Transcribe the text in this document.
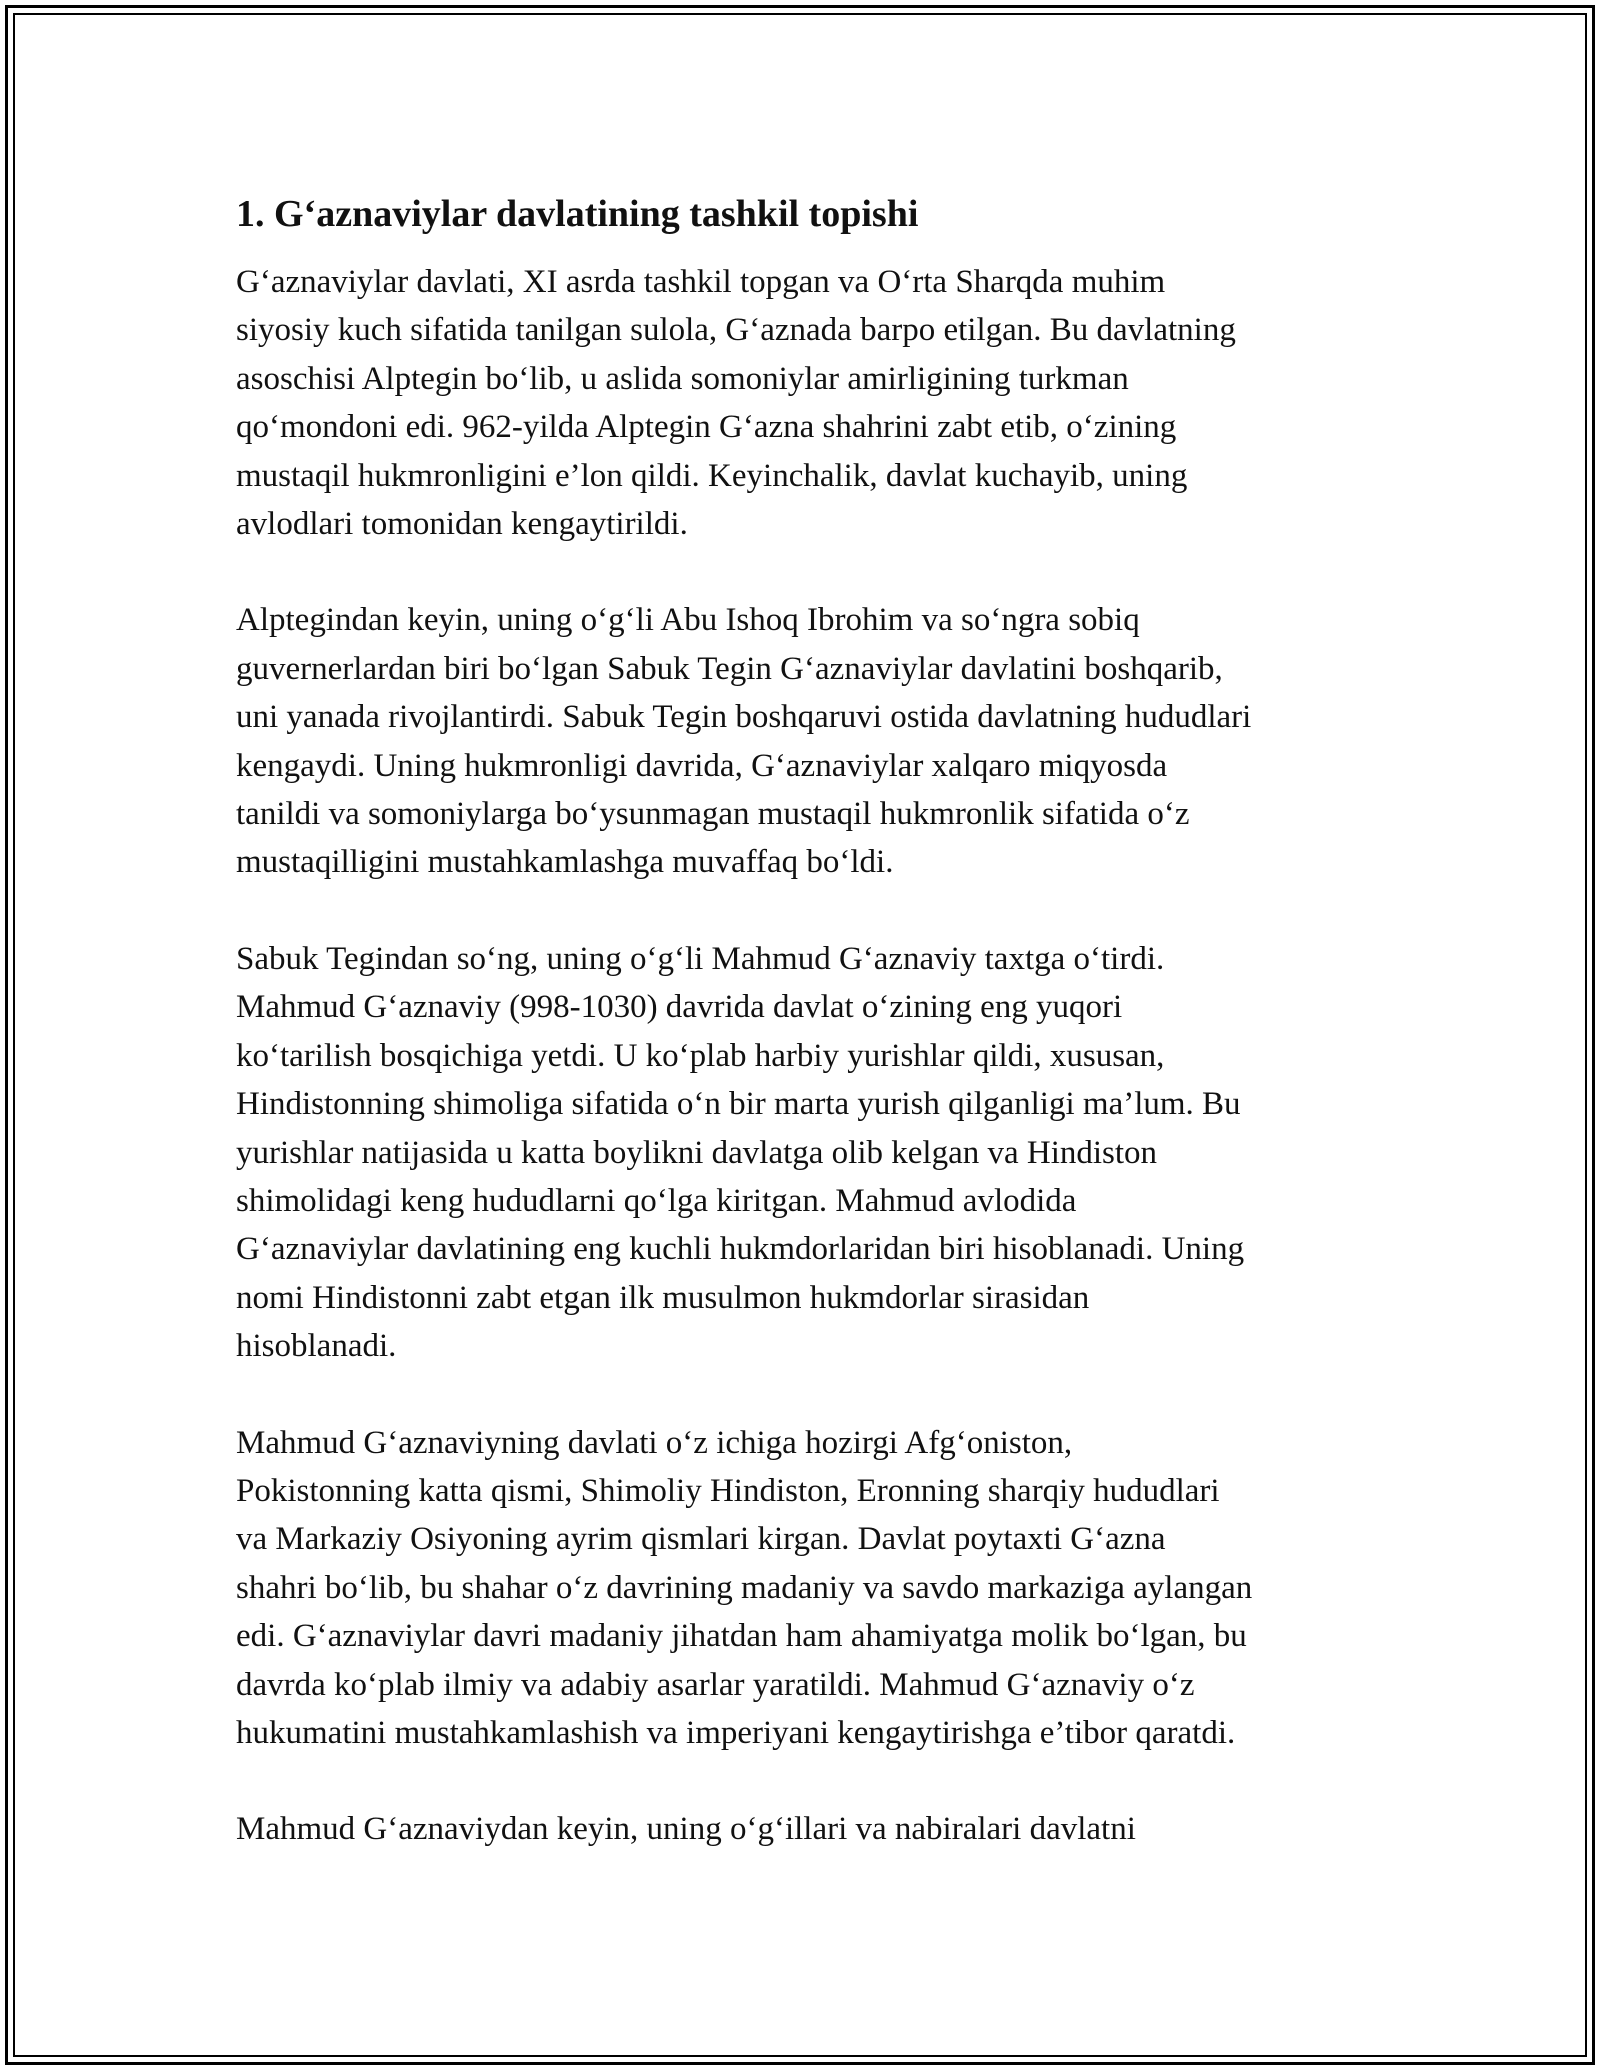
1. G‘aznaviylar davlatining tashkil topishi

G‘aznaviylar davlati, XI asrda tashkil topgan va O‘rta Sharqda muhim
siyosiy kuch sifatida tanilgan sulola, G‘aznada barpo etilgan. Bu davlatning
asoschisi Alptegin bo‘lib, u aslida somoniylar amirligining turkman
qo‘mondoni edi. 962-yilda Alptegin G‘azna shahrini zabt etib, o‘zining
mustaqil hukmronligini e’lon qildi. Keyinchalik, davlat kuchayib, uning
avlodlari tomonidan kengaytirildi.

Alptegindan keyin, uning o‘g‘li Abu Ishoq Ibrohim va so‘ngra sobiq
guvernerlardan biri bo‘lgan Sabuk Tegin G‘aznaviylar davlatini boshqarib,
uni yanada rivojlantirdi. Sabuk Tegin boshqaruvi ostida davlatning hududlari
kengaydi. Uning hukmronligi davrida, G‘aznaviylar xalqaro miqyosda
tanildi va somoniylarga bo‘ysunmagan mustaqil hukmronlik sifatida o‘z
mustaqilligini mustahkamlashga muvaffaq bo‘ldi.

Sabuk Tegindan so‘ng, uning o‘g‘li Mahmud G‘aznaviy taxtga o‘tirdi.
Mahmud G‘aznaviy (998-1030) davrida davlat o‘zining eng yuqori
ko‘tarilish bosqichiga yetdi. U ko‘plab harbiy yurishlar qildi, xususan,
Hindistonning shimoliga sifatida o‘n bir marta yurish qilganligi ma’lum. Bu
yurishlar natijasida u katta boylikni davlatga olib kelgan va Hindiston
shimolidagi keng hududlarni qo‘lga kiritgan. Mahmud avlodida
G‘aznaviylar davlatining eng kuchli hukmdorlaridan biri hisoblanadi. Uning
nomi Hindistonni zabt etgan ilk musulmon hukmdorlar sirasidan
hisoblanadi.

Mahmud G‘aznaviyning davlati o‘z ichiga hozirgi Afg‘oniston,
Pokistonning katta qismi, Shimoliy Hindiston, Eronning sharqiy hududlari
va Markaziy Osiyoning ayrim qismlari kirgan. Davlat poytaxti G‘azna
shahri bo‘lib, bu shahar o‘z davrining madaniy va savdo markaziga aylangan
edi. G‘aznaviylar davri madaniy jihatdan ham ahamiyatga molik bo‘lgan, bu
davrda ko‘plab ilmiy va adabiy asarlar yaratildi. Mahmud G‘aznaviy o‘z
hukumatini mustahkamlashish va imperiyani kengaytirishga e’tibor qaratdi.

Mahmud G‘aznaviydan keyin, uning o‘g‘illari va nabiralari davlatni
